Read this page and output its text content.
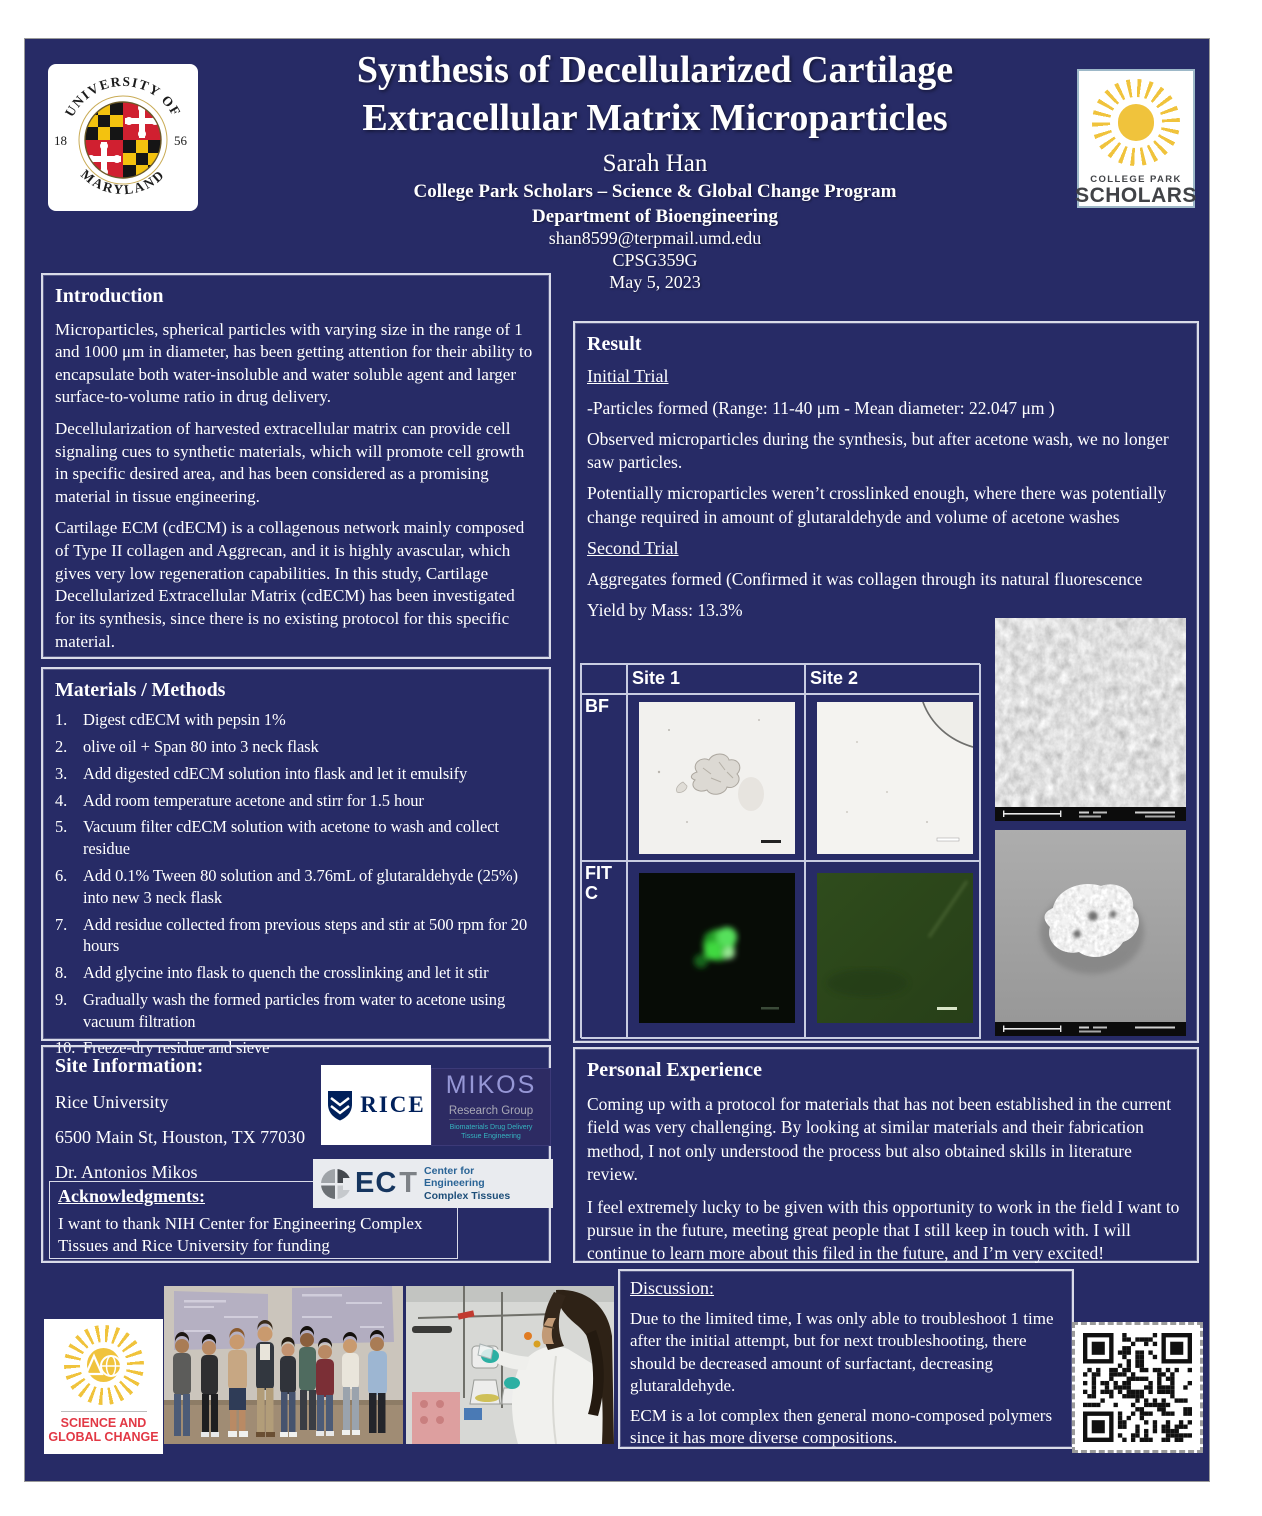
UNIVERSITY OF
MARYLAND
18	56
COLLEGE PARK
SCHOLARS
Synthesis of Decellularized Cartilage
Extracellular Matrix Microparticles
Sarah Han
College Park Scholars – Science & Global Change Program
Department of Bioengineering
shan8599@terpmail.umd.edu
CPSG359G
May 5, 2023
Introduction

Microparticles, spherical particles with varying size in the range of 1 and 1000 μm in diameter, has been getting attention for their ability to encapsulate both water-insoluble and water soluble agent and larger surface-to-volume ratio in drug delivery.

Decellularization of harvested extracellular matrix can provide cell signaling cues to synthetic materials, which will promote cell growth in specific desired area, and has been considered as a promising material in tissue engineering.

Cartilage ECM (cdECM) is a collagenous network mainly composed of Type II collagen and Aggrecan, and it is highly avascular, which gives very low regeneration capabilities. In this study, Cartilage Decellularized Extracellular Matrix (cdECM) has been investigated for its synthesis, since there is no existing protocol for this specific material.

Materials / Methods
1. Digest cdECM with pepsin 1%
2. olive oil + Span 80 into 3 neck flask
3. Add digested cdECM solution into flask and let it emulsify
4. Add room temperature acetone and stirr for 1.5 hour
5. Vacuum filter cdECM solution with acetone to wash and collect residue
6. Add 0.1% Tween 80 solution and 3.76mL of glutaraldehyde (25%) into new 3 neck flask
7. Add residue collected from previous steps and stir at 500 rpm for 20 hours
8. Add glycine into flask to quench the crosslinking and let it stir
9. Gradually wash the formed particles from water to acetone using vacuum filtration
10. Freeze-dry residue and sieve
Site Information:

Rice University

6500 Main St, Houston, TX 77030

Dr. Antonios Mikos

RICE
MIKOS
Research Group
Biomaterials Drug Delivery
Tissue Engineering
Acknowledgments:

I want to thank NIH Center for Engineering Complex Tissues and Rice University for funding

EC T Center for
Engineering
Complex Tissues
Result
Initial Trial

-Particles formed (Range: 11-40 μm - Mean diameter: 22.047 μm )

Observed microparticles during the synthesis, but after acetone wash, we no longer saw particles.

Potentially microparticles weren’t crosslinked enough, where there was potentially change required in amount of glutaraldehyde and volume of acetone washes

Second Trial

Aggregates formed (Confirmed it was collagen through its natural fluorescence

Yield by Mass: 13.3%

Site 1	Site 2
BF
FITC
Personal Experience

Coming up with a protocol for materials that has not been established in the current field was very challenging. By looking at similar materials and their fabrication method, I not only understood the process but also obtained skills in literature review.

I feel extremely lucky to be given with this opportunity to work in the field I want to pursue in the future, meeting great people that I still keep in touch with. I will continue to learn more about this filed in the future, and I’m very excited!

Discussion:

Due to the limited time, I was only able to troubleshoot 1 time after the initial attempt, but for next troubleshooting, there should be decreased amount of surfactant, decreasing glutaraldehyde.

ECM is a lot complex then general mono-composed polymers since it has more diverse compositions.

SCIENCE AND
GLOBAL CHANGE
